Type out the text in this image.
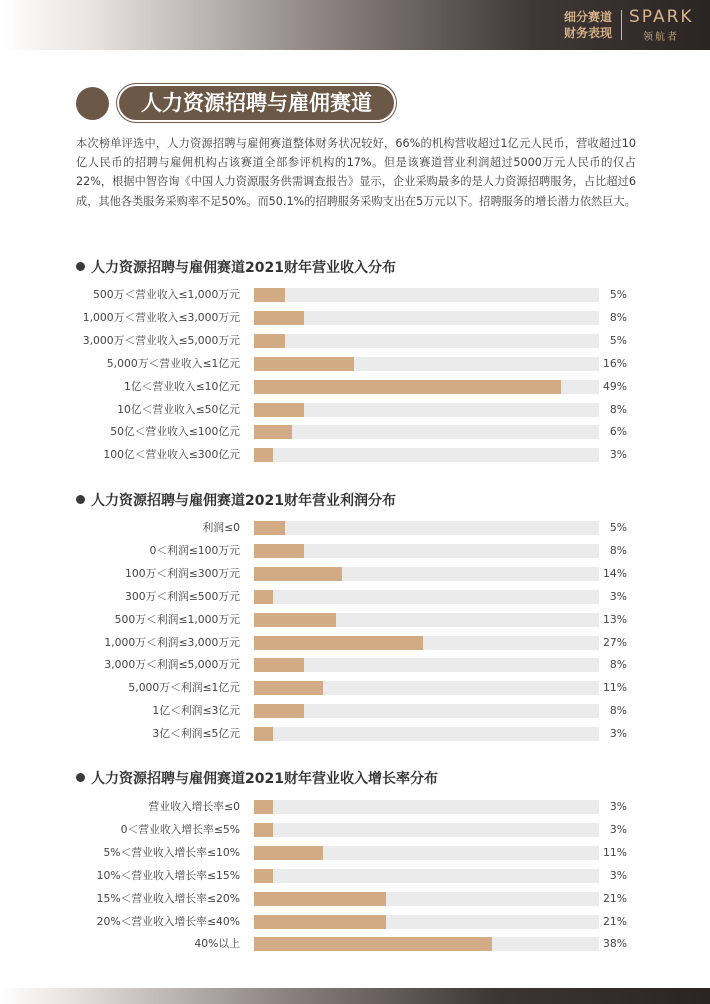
细分赛道
财务表现
SPARK
领航者
人力资源招聘与雇佣赛道
本次榜单评选中，人力资源招聘与雇佣赛道整体财务状况较好，66%的机构营收超过1亿元人民币，营收超过10亿人民币的招聘与雇佣机构占该赛道全部参评机构的17%。但是该赛道营业利润超过5000万元人民币的仅占22%，根据中智咨询《中国人力资源服务供需调查报告》显示，企业采购最多的是人力资源招聘服务，占比超过6成，其他各类服务采购率不足50%。而50.1%的招聘服务采购支出在5万元以下。招聘服务的增长潜力依然巨大。
人力资源招聘与雇佣赛道2021财年营业收入分布
500万＜营业收入≤1,000万元	5%
1,000万＜营业收入≤3,000万元	8%
3,000万＜营业收入≤5,000万元	5%
5,000万＜营业收入≤1亿元	16%
1亿＜营业收入≤10亿元	49%
10亿＜营业收入≤50亿元	8%
50亿＜营业收入≤100亿元	6%
100亿＜营业收入≤300亿元	3%
人力资源招聘与雇佣赛道2021财年营业利润分布
利润≤0	5%
0＜利润≤100万元	8%
100万＜利润≤300万元	14%
300万＜利润≤500万元	3%
500万＜利润≤1,000万元	13%
1,000万＜利润≤3,000万元	27%
3,000万＜利润≤5,000万元	8%
5,000万＜利润≤1亿元	11%
1亿＜利润≤3亿元	8%
3亿＜利润≤5亿元	3%
人力资源招聘与雇佣赛道2021财年营业收入增长率分布
营业收入增长率≤0	3%
0＜营业收入增长率≤5%	3%
5%＜营业收入增长率≤10%	11%
10%＜营业收入增长率≤15%	3%
15%＜营业收入增长率≤20%	21%
20%＜营业收入增长率≤40%	21%
40%以上	38%
